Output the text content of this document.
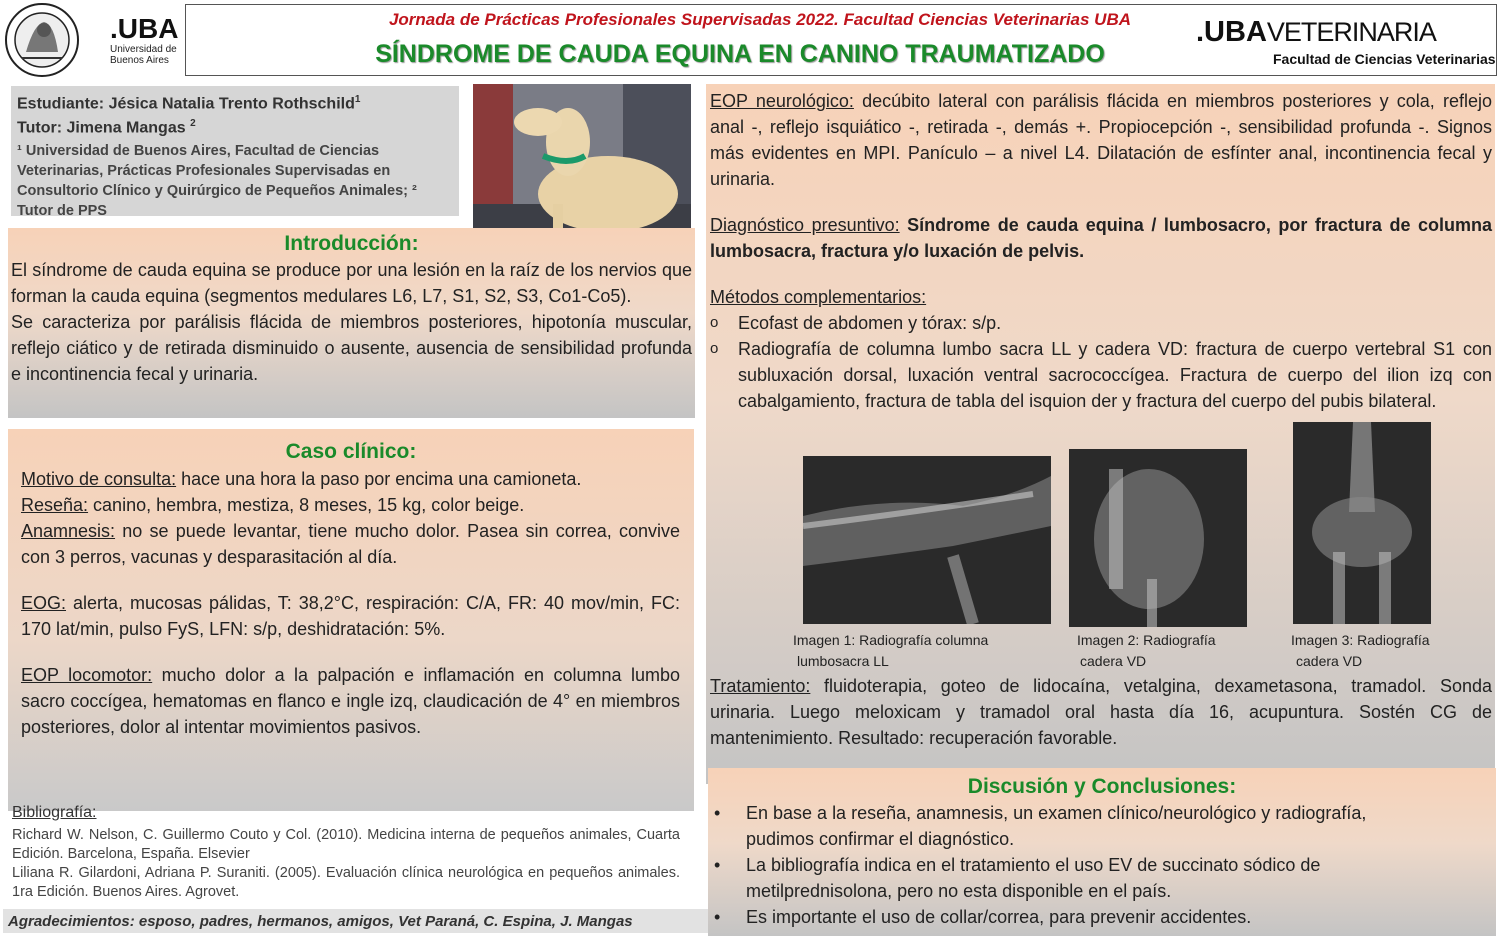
.UBA
Universidad de
Buenos Aires
Jornada de Prácticas Profesionales Supervisadas 2022. Facultad Ciencias Veterinarias UBA
SÍNDROME DE CAUDA EQUINA EN CANINO TRAUMATIZADO
.UBAVETERINARIA
Facultad de Ciencias Veterinarias
Estudiante: Jésica Natalia Trento Rothschild$^1$
Tutor: Jimena Mangas $^2$
¹ Universidad de Buenos Aires, Facultad de Ciencias Veterinarias, Prácticas Profesionales Supervisadas en Consultorio Clínico y Quirúrgico de Pequeños Animales; ² Tutor de PPS
Introducción:
El síndrome de cauda equina se produce por una lesión en la raíz de los nervios que forman la cauda equina (segmentos medulares L6, L7, S1, S2, S3, Co1-Co5).
Se caracteriza por parálisis flácida de miembros posteriores, hipotonía muscular, reflejo ciático y de retirada disminuido o ausente, ausencia de sensibilidad profunda e incontinencia fecal y urinaria.
Caso clínico:
Motivo de consulta: hace una hora la paso por encima una camioneta.
Reseña: canino, hembra, mestiza, 8 meses, 15 kg, color beige.
Anamnesis: no se puede levantar, tiene mucho dolor. Pasea sin correa, convive con 3 perros, vacunas y desparasitación al día.
EOG: alerta, mucosas pálidas, T: 38,2°C, respiración: C/A, FR: 40 mov/min, FC: 170 lat/min, pulso FyS, LFN: s/p, deshidratación: 5%.
EOP locomotor: mucho dolor a la palpación e inflamación en columna lumbo sacro coccígea, hematomas en flanco e ingle izq, claudicación de 4° en miembros posteriores, dolor al intentar movimientos pasivos.
Bibliografía:
Richard W. Nelson, C. Guillermo Couto y Col. (2010). Medicina interna de pequeños animales, Cuarta Edición. Barcelona, España. Elsevier
Liliana R. Gilardoni, Adriana P. Suraniti. (2005). Evaluación clínica neurológica en pequeños animales. 1ra Edición. Buenos Aires. Agrovet.
Agradecimientos: esposo, padres, hermanos, amigos, Vet Paraná, C. Espina, J. Mangas
EOP neurológico: decúbito lateral con parálisis flácida en miembros posteriores y cola, reflejo anal -, reflejo isquiático -, retirada -, demás +. Propiocepción -, sensibilidad profunda -. Signos más evidentes en MPI. Panículo – a nivel L4. Dilatación de esfínter anal, incontinencia fecal y urinaria.
Diagnóstico presuntivo: Síndrome de cauda equina / lumbosacro, por fractura de columna lumbosacra, fractura y/o luxación de pelvis.
Métodos complementarios:
o	Ecofast de abdomen y tórax: s/p.
o	Radiografía de columna lumbo sacra LL y cadera VD: fractura de cuerpo vertebral S1 con subluxación dorsal, luxación ventral sacrococcígea. Fractura de cuerpo del ilion izq con cabalgamiento, fractura de tabla del isquion der y fractura del cuerpo del pubis bilateral.
Imagen 1: Radiografía columna
lumbosacra LL
Imagen 2: Radiografía
cadera VD
Imagen 3: Radiografía
cadera VD
Tratamiento: fluidoterapia, goteo de lidocaína, vetalgina, dexametasona, tramadol. Sonda urinaria. Luego meloxicam y tramadol oral hasta día 16, acupuntura. Sostén CG de mantenimiento. Resultado: recuperación favorable.
Discusión y Conclusiones:
•	En base a la reseña, anamnesis, un examen clínico/neurológico y radiografía, pudimos confirmar el diagnóstico.
•	La bibliografía indica en el tratamiento el uso EV de succinato sódico de metilprednisolona, pero no esta disponible en el país.
•	Es importante el uso de collar/correa, para prevenir accidentes.
